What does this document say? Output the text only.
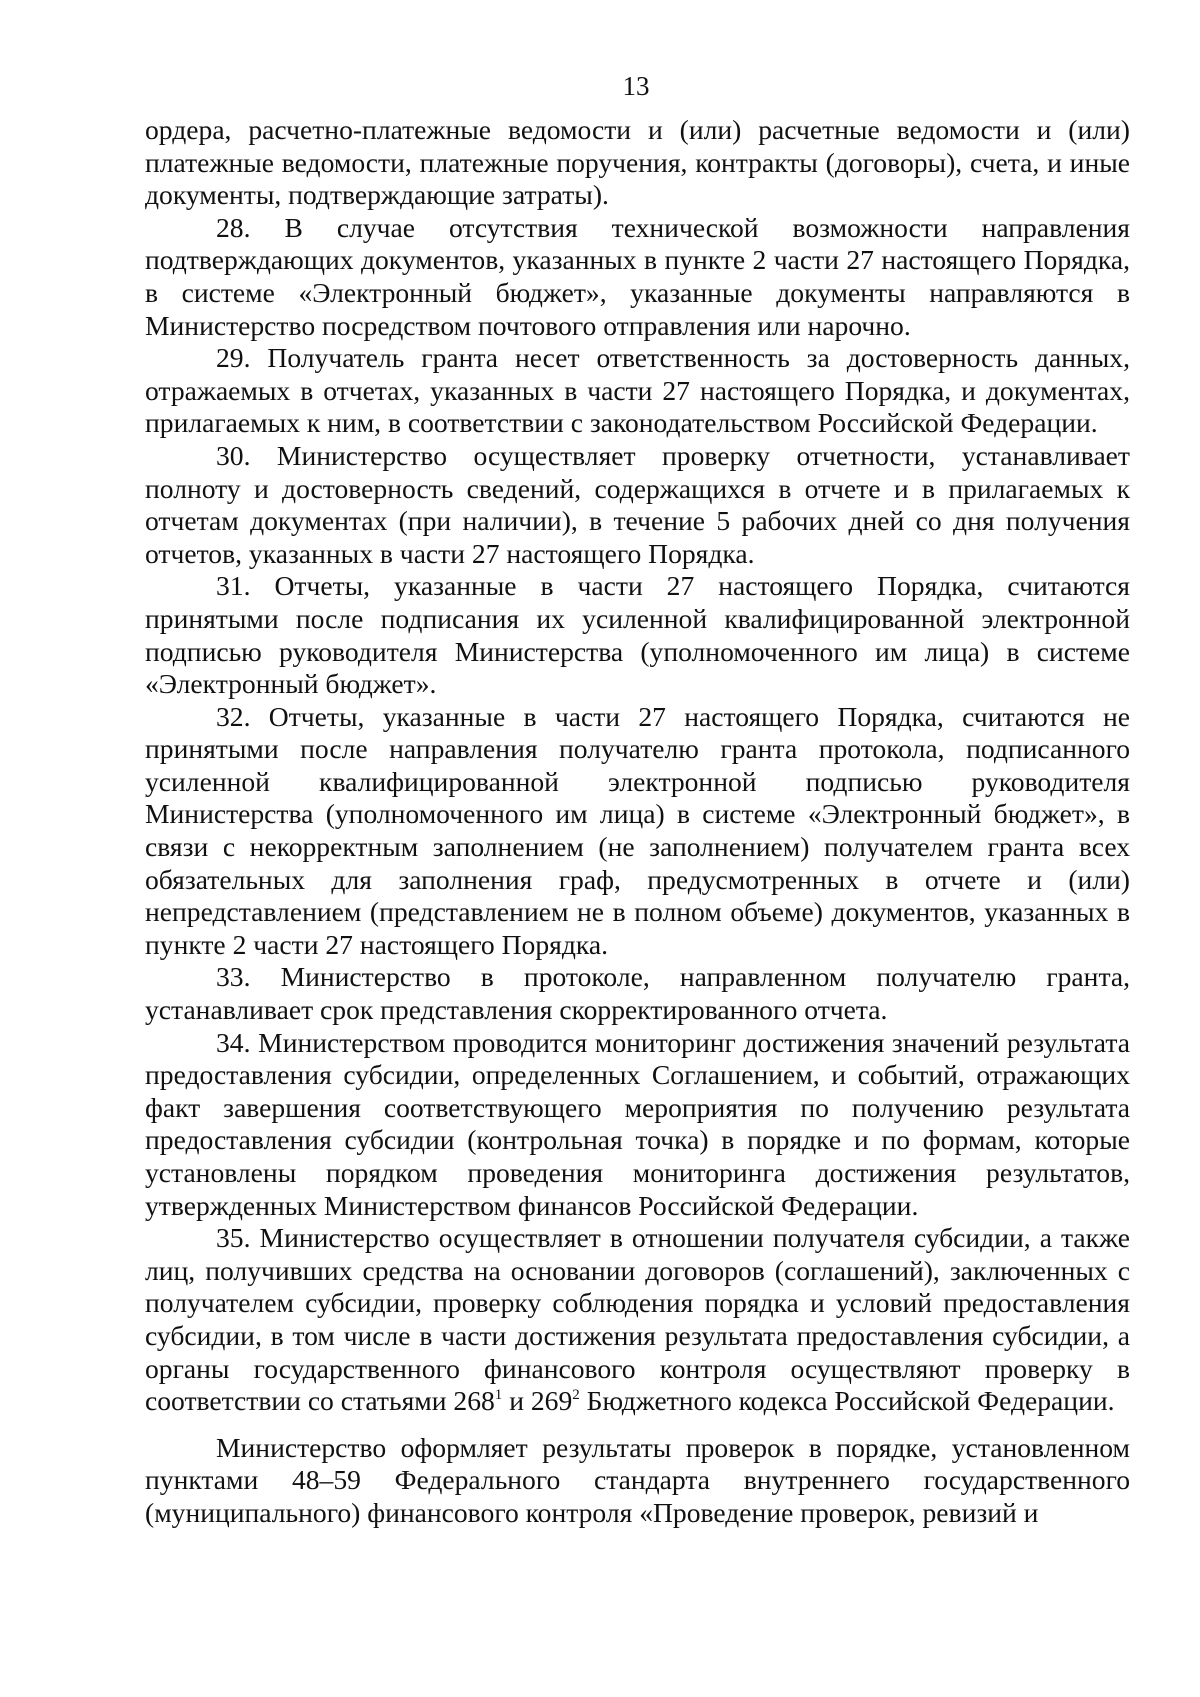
13

ордера, расчетно-платежные ведомости и (или) расчетные ведомости и (или) платежные ведомости, платежные поручения, контракты (договоры), счета, и иные документы, подтверждающие затраты).

28. В случае отсутствия технической возможности направления подтверждающих документов, указанных в пункте 2 части 27 настоящего Порядка, в системе «Электронный бюджет», указанные документы направляются в Министерство посредством почтового отправления или нарочно.

29. Получатель гранта несет ответственность за достоверность данных, отражаемых в отчетах, указанных в части 27 настоящего Порядка, и документах, прилагаемых к ним, в соответствии с законодательством Российской Федерации.

30. Министерство осуществляет проверку отчетности, устанавливает полноту и достоверность сведений, содержащихся в отчете и в прилагаемых к отчетам документах (при наличии), в течение 5 рабочих дней со дня получения отчетов, указанных в части 27 настоящего Порядка.

31. Отчеты, указанные в части 27 настоящего Порядка, считаются принятыми после подписания их усиленной квалифицированной электронной подписью руководителя Министерства (уполномоченного им лица) в системе «Электронный бюджет».

32. Отчеты, указанные в части 27 настоящего Порядка, считаются не принятыми после направления получателю гранта протокола, подписанного усиленной квалифицированной электронной подписью руководителя Министерства (уполномоченного им лица) в системе «Электронный бюджет», в связи с некорректным заполнением (не заполнением) получателем гранта всех обязательных для заполнения граф, предусмотренных в отчете и (или) непредставлением (представлением не в полном объеме) документов, указанных в пункте 2 части 27 настоящего Порядка.

33. Министерство в протоколе, направленном получателю гранта, устанавливает срок представления скорректированного отчета.

34. Министерством проводится мониторинг достижения значений результата предоставления субсидии, определенных Соглашением, и событий, отражающих факт завершения соответствующего мероприятия по получению результата предоставления субсидии (контрольная точка) в порядке и по формам, которые установлены порядком проведения мониторинга достижения результатов, утвержденных Министерством финансов Российской Федерации.

35. Министерство осуществляет в отношении получателя субсидии, а также лиц, получивших средства на основании договоров (соглашений), заключенных с получателем субсидии, проверку соблюдения порядка и условий предоставления субсидии, в том числе в части достижения результата предоставления субсидии, а органы государственного финансового контроля осуществляют проверку в соответствии со статьями $268^1$ и $269^2$ Бюджетного кодекса Российской Федерации.

Министерство оформляет результаты проверок в порядке, установленном пунктами 48–59 Федерального стандарта внутреннего государственного (муниципального) финансового контроля «Проведение проверок, ревизий и
